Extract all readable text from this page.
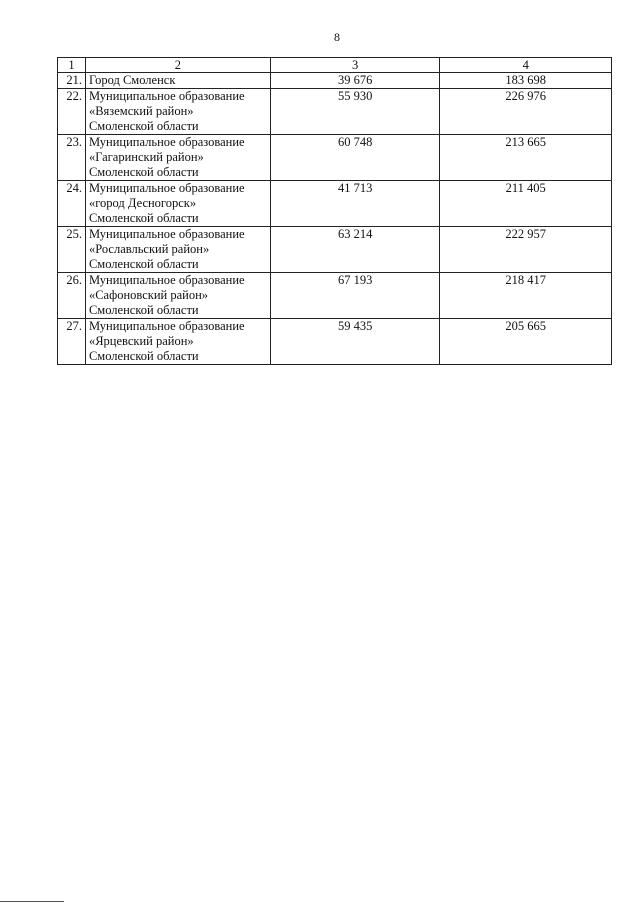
8
1	2	3	4
21.	Город Смоленск	39 676	183 698
22.	Муниципальное образование
«Вяземский район»
Смоленской области	55 930	226 976
23.	Муниципальное образование
«Гагаринский район»
Смоленской области	60 748	213 665
24.	Муниципальное образование
«город Десногорск»
Смоленской области	41 713	211 405
25.	Муниципальное образование
«Рославльский район»
Смоленской области	63 214	222 957
26.	Муниципальное образование
«Сафоновский район»
Смоленской области	67 193	218 417
27.	Муниципальное образование
«Ярцевский район»
Смоленской области	59 435	205 665
